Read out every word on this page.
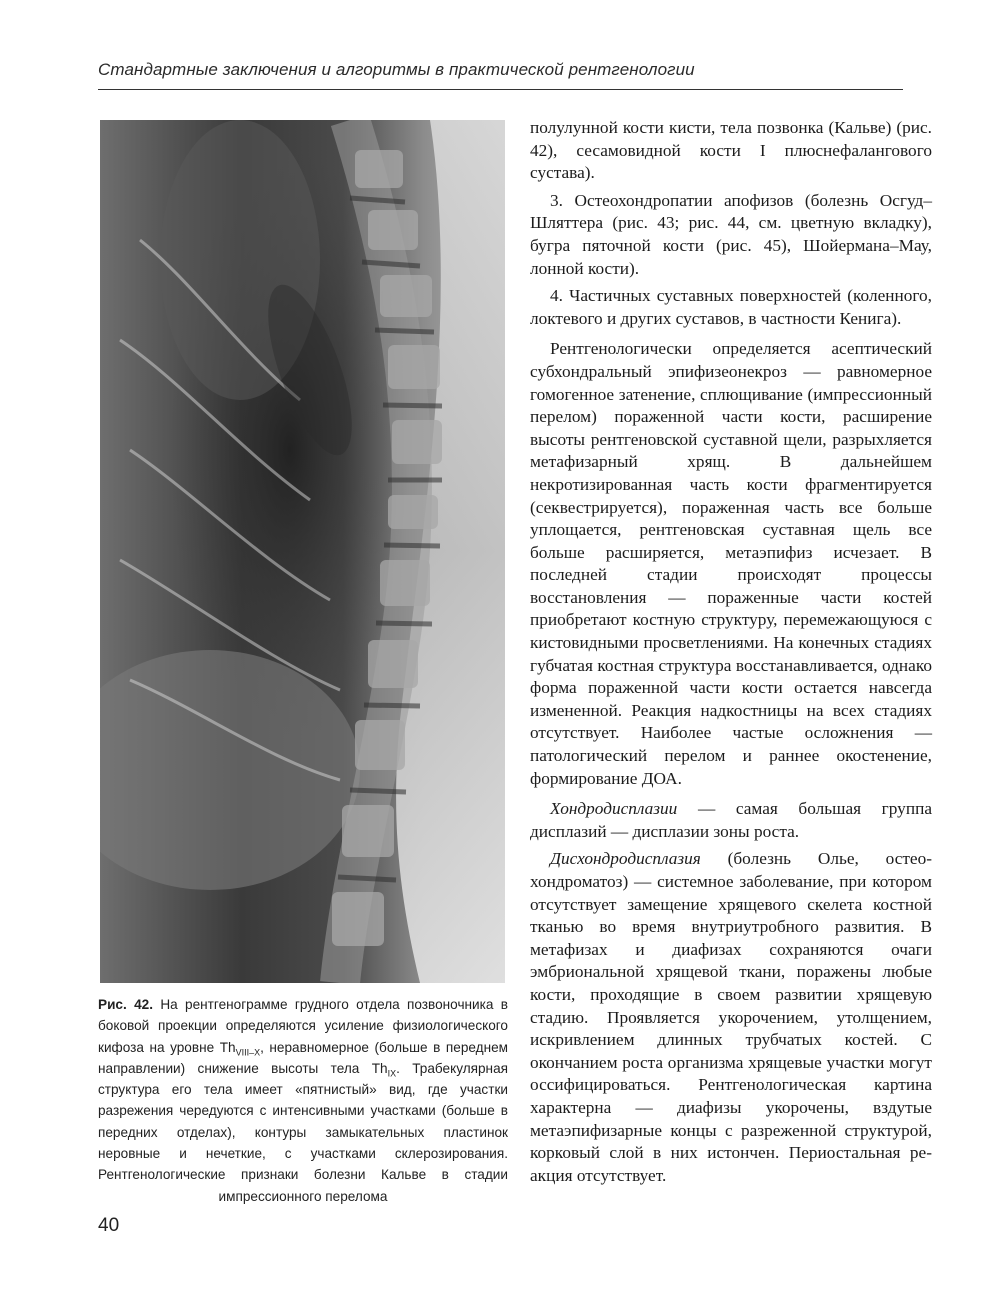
Стандартные заключения и алгоритмы в практической рентгенологии
Рис. 42. На рентгенограмме грудного отдела позвоночника в боковой проекции определяются усиление физиологического кифоза на уровне $Th_{VIII-X}$, неравномерное (больше в переднем направлении) снижение высоты тела $Th_{IX}$. Трабекулярная структура его тела имеет «пятнистый» вид, где участки разрежения чередуются с интенсивными участками (больше в передних отделах), контуры замыкательных пластинок неровные и нечеткие, с участками склерозирования. Рентгенологические признаки болезни Кальве в стадии импрессионного перелома
40

полулунной кости кисти, тела позвонка (Кальве) (рис. 42), сесамовидной кости I плюснефалангового сустава).

3. Остеохондропатии апофизов (болезнь Осгуд–Шляттера (рис. 43; рис. 44, см. цветную вкладку), бугра пяточной кости (рис. 45), Шойермана–Мау, лонной кости).

4. Частичных суставных поверхностей (коленного, локтевого и других суставов, в частности Кенига).

Рентгенологически определяется асептический субхондральный эпифизеонекроз — равномерное гомогенное затенение, сплющивание (импрессионный перелом) пораженной части кости, расширение высоты рентгеновской суставной щели, разрыхляется метафизарный хрящ. В дальнейшем некротизированная часть кости фрагментируется (секвестрируется), пораженная часть все больше уплощается, рентгеновская суставная щель все больше расширяется, метаэпифиз исчезает. В последней стадии происходят процессы восстановления — пораженные части костей приобретают костную структуру, перемежающуюся с кистовидными просветлениями. На конечных стадиях губчатая костная структура восстанавливается, однако форма пораженной части кости остается навсегда измененной. Реакция надкостницы на всех стадиях отсутствует. Наиболее частые осложнения — патологический перелом и раннее окостенение, формирование ДОА.

Хондродисплазии — самая большая группа дисплазий — дисплазии зоны роста.

Дисхондродисплазия (болезнь Олье, остеохондроматоз) — системное заболевание, при котором отсутствует замещение хрящевого скелета костной тканью во время внутриутробного развития. В метафизах и диафизах сохраняются очаги эмбриональной хрящевой ткани, поражены любые кости, проходящие в своем развитии хрящевую стадию. Проявляется укорочением, утолщением, искривлением длинных трубчатых костей. С окончанием роста организма хрящевые участки могут оссифицироваться. Рентгенологическая картина характерна — диафизы укорочены, вздутые метаэпифизарные концы с разреженной структурой, корковый слой в них истончен. Периостальная реакция отсутствует.
